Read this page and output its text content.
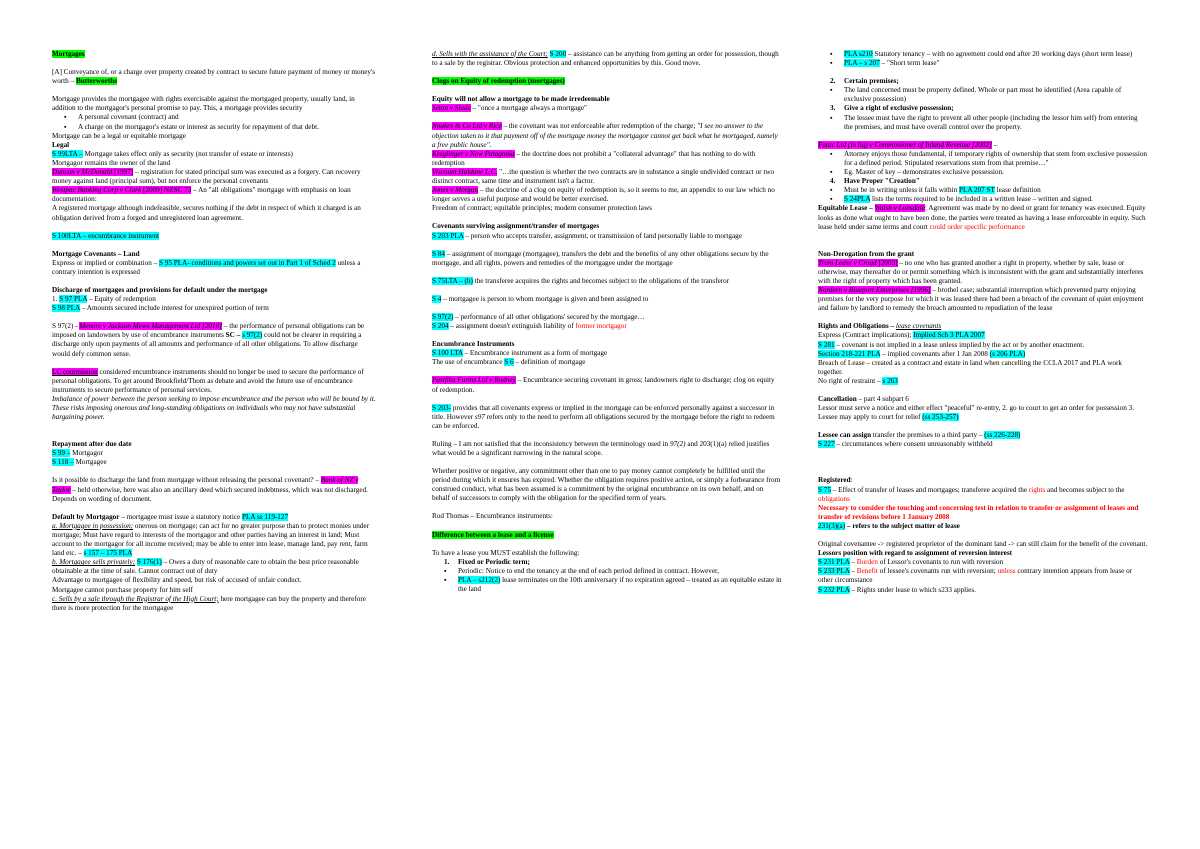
Mortgages

[A] Conveyance of, or a charge over property created by contract to secure future payment of money or money's worth – Butterworths

Mortgage provides the mortgagee with rights exercisable against the mortgaged property, usually land, in addition to the mortgagor's personal promise to pay. This, a mortgage provides security

▪ A personal covenant (contract) and
▪ A charge on the mortgagor's estate or interest as security for repayment of that debt.

Mortgage can be a legal or equitable mortgage

Legal

S 99LTA – Mortgage takes effect only as security (not transfer of estate or interests)

Mortgagor remains the owner of the land

Duncan v McDonald [1997] – registration for stated principal sum was executed as a forgery. Can recovery money against land (principal sum), but not enforce the personal covenants

Westpac Banking Corp v Clark [2009] NZSC 73 – An "all obligations" mortgage with emphasis on loan documentation:

A registered mortgage although indefeasible, secures nothing if the debt in respect of which it charged is an obligation derived from a forged and unregistered loan agreement.

S 100LTA – encumbrance instrument

Mortgage Covenants – Land

Express or implied or combination – S 95 PLA- conditions and powers set out in Part 1 of Sched 2 unless a contrary intention is expressed

Discharge of mortgages and provisions for default under the mortgage

1. S 97 PLA – Equity of redemption

S 98 PLA – Amounts secured include interest for unexpired portion of term

S 97(2) - Menere v Jackson Mews Management Ltd [2010] – the performance of personal obligations can be imposed on landowners by use of encumbrance instruments SC – s 97(2) could not be clearer in requiring a discharge only upon payments of all amounts and performance of all other obligations. To allow discharge would defy common sense.

LC commission considered encumbrance instruments should no longer be used to secure the performance of personal obligations. To get around Brookfield/Thom as debate and avoid the future use of encumbrance instruments to secure performance of personal services.

Imbalance of power between the person seeking to impose encumbrance and the person who will be bound by it. These risks imposing onerous and long-standing obligations on individuals who may not have substantial bargaining power.

Repayment after due date

S 99 – Mortgagor

S 118 – Mortgagee

Is it possible to discharge the land from mortgage without releasing the personal covenant? – Bank of NZ v Taylor – held otherwise, here was also an ancillary deed which secured indebtness, which was not discharged. Depends on wording of document.

Default by Mortgagor – mortgagee must issue a statutory notice PLA ss 119-127

a. Mortgagee in possession; onerous on mortgage; can act for no greater purpose than to protect monies under mortgage; Must have regard to interests of the mortgagor and other parties having an interest in land; Must account to the mortgagor for all income received; may be able to enter into lease, manage land, pay rent, farm land etc. – s 157 – 175 PLA

b. Mortgagee sells privately; S 176(1) – Owes a duty of reasonable care to obtain the best price reasonable obtainable at the time of sale. Cannot contract out of duty

Advantage to mortgagee of flexibility and speed, but risk of accused of unfair conduct.

Mortgagee cannot purchase property for him self

c. Sells by a sale through the Registrar of the High Court; here mortgagee can buy the property and therefore there is more protection for the mortgagee

d. Sells with the assistance of the Court; S 200 – assistance can be anything from getting an order for possession, though to a sale by the registrar. Obvious protection and enhanced opportunities by this. Good move.

Clogs on Equity of redemption (mortgages)

Equity will not allow a mortgage to be made irredeemable

Seton v Slade – "once a mortgage always a mortgage"

Noakes & Co Ltd v Rice – the covenant was not enforceable after redemption of the charge; "I see no answer to the objection taken to it that payment off of the mortgage money the mortgagor cannot get back what he mortgaged, namely a free public house".

Kreglinger v New Patagonia – the doctrine does not prohibit a "collateral advantage" that has nothing to do with redemption

Viscount Haldane L.C. "…the question is whether the two contracts are in substance a single undivided contract or two distinct contract, same time and instrument isn't a factor.

Jones v Morgan – the doctrine of a clog on equity of redemption is, so it seems to me, an appendix to our law which no longer serves a useful purpose and would be better exercised.

Freedom of contract; equitable principles; modern consumer protection laws

Covenants surviving assignment/transfer of mortgages

S 203 PLA – person who accepts transfer, assignment, or transmission of land personally liable to mortgage

S 84 – assignment of mortgage (mortgagee), transfers the debt and the benefits of any other obligations secure by the mortgage, and all rights, powers and remedies of the mortgagee under the mortgage

S 75LTA – (b) the transferee acquires the rights and becomes subject to the obligations of the transferor

S 4 – mortgagee is person to whom mortgage is given and been assigned to

S 97(2) – performance of all other obligations' secured by the mortgage…

S 204 – assignment doesn't extinguish liability of former mortgagor

Encumbrance Instruments

S 100 LTA – Encumbrance instrument as a form of mortgage

The use of encumbrance S 6 – definition of mortgage

Pasifika Farms Ltd v Rodney – Encumbrance securing covenant in gross; landowners right to discharge; clog on equity of redemption.

S 203- provides that all covenants express or implied in the mortgage can be enforced personally against a successor in title. However s97 refers only to the need to perform all obligations secured by the mortgage before the right to redeem can be enforced.

Ruling – I am not satisfied that the inconsistency between the terminology used in 97(2) and 203(1)(a) relied justifies what would be a significant narrowing in the natural scope.

Whether positive or negative, any commitment other than one to pay money cannot completely be fulfilled until the period during which it ensures has expired. Whether the obligation requires positive action, or simply a forbearance from construed conduct, what has been assumed is a commitment by the original encumbrance on its own behalf, and on behalf of successors to comply with the obligation for the specified term of years.

Rod Thomas – Encumbrance instruments:

Difference between a lease and a license

To have a lease you MUST establish the following:

1. Fixed or Periodic term;

▪ Periodic: Notice to end the tenancy at the end of each period defined in contract. However,
▪ PLA – s212(2) lease terminates on the 10th anniversary if no expiration agreed – treated as an equitable estate in the land
▪ PLA s210 Statutory tenancy – with no agreement could end after 20 working days (short term lease)
▪ PLA – s 207 – "Short term lease"

2. Certain premises;

▪ The land concerned must be property defined. Whole or part must be identified (Area capable of exclusive possession)

3. Give a right of exclusive possession;

▪ The lessee must have the right to prevent all other people (including the lessor him self) from entering the premises, and must have overall control over the property.

Fatac Ltd (in liq) v Commissioner of Inland Revenue [2002] –

▪ Attorney enjoys those fundamental, if temporary rights of ownership that stem from exclusive possession for a defined period. Stipulated reservations stem from that premise…"
▪ Eg. Master of key – demonstrates exclusive possession.

4. Have Proper "Creation"

▪ Must be in writing unless it falls within PLA 207 ST lease definition
▪ S 24PLA lists the terms required to be included in a written lease – written and signed.

Equitable Lease – Walsh v Lonsdale: Agreement was made by no deed or grant for tenancy was executed. Equity looks as done what ought to have been done, the parties were treated as having a lease enforceable in equity. Such lease held under same terms and court could order specific performance

Non-Derogation from the grant

Tram Lease v Croad [2003] – no one who has granted another a right in property, whether by sale, lease or otherwise, may thereafter do or permit something which is inconsistent with the grant and substantially interferes with the right of property which has been granted.

Nordern v Blueport Enterprises [1996] – brothel case; substantial interruption which prevented party enjoying premises for the very purpose for which it was leased there had been a breach of the covenant of quiet enjoyment and failure by landlord to remedy the breach amounted to repudiation of the lease

Rights and Obligations – lease covenants

Express (Contract implications); Implied Sch 3 PLA 2007

S 281 – covenant is not implied in a lease unless implied by the act or by another enactment.

Section 218-221 PLA – implied covenants after 1 Jan 2008 (s 206 PLA)

Breach of Lease – created as a contract and estate in land when cancelling the CCLA 2017 and PLA work together.

No right of restraint – s 263

Cancellation – part 4 subpart 6

Lessor must serve a notice and either effect "peaceful" re-entry, 2. go to court to get an order for possession 3. Lessee may apply to court for relief (ss 253-257)

Lessee can assign transfer the premises to a third party – (ss 226-228)

S 227 – circumstances where consent unreasonably withheld

Registered:

S 75 – Effect of transfer of leases and mortgages; transferee acquired the rights and becomes subject to the obligations

Necessary to consider the touching and concerning test in relation to transfer or assignment of leases and transfer of revisions before 1 January 2008

231(3)(a) – refers to the subject matter of lease

Original covenantee -> registered proprietor of the dominant land -> can still claim for the benefit of the covenant.

Lessors position with regard to assignment of reversion interest

S 231 PLA – Burden of Lessor's covenants to run with reversion

S 233 PLA – Benefit of lessee's covenants run with reversion; unless contrary intention appears from lease or other circumstance

S 232 PLA – Rights under lease to which s233 applies.
